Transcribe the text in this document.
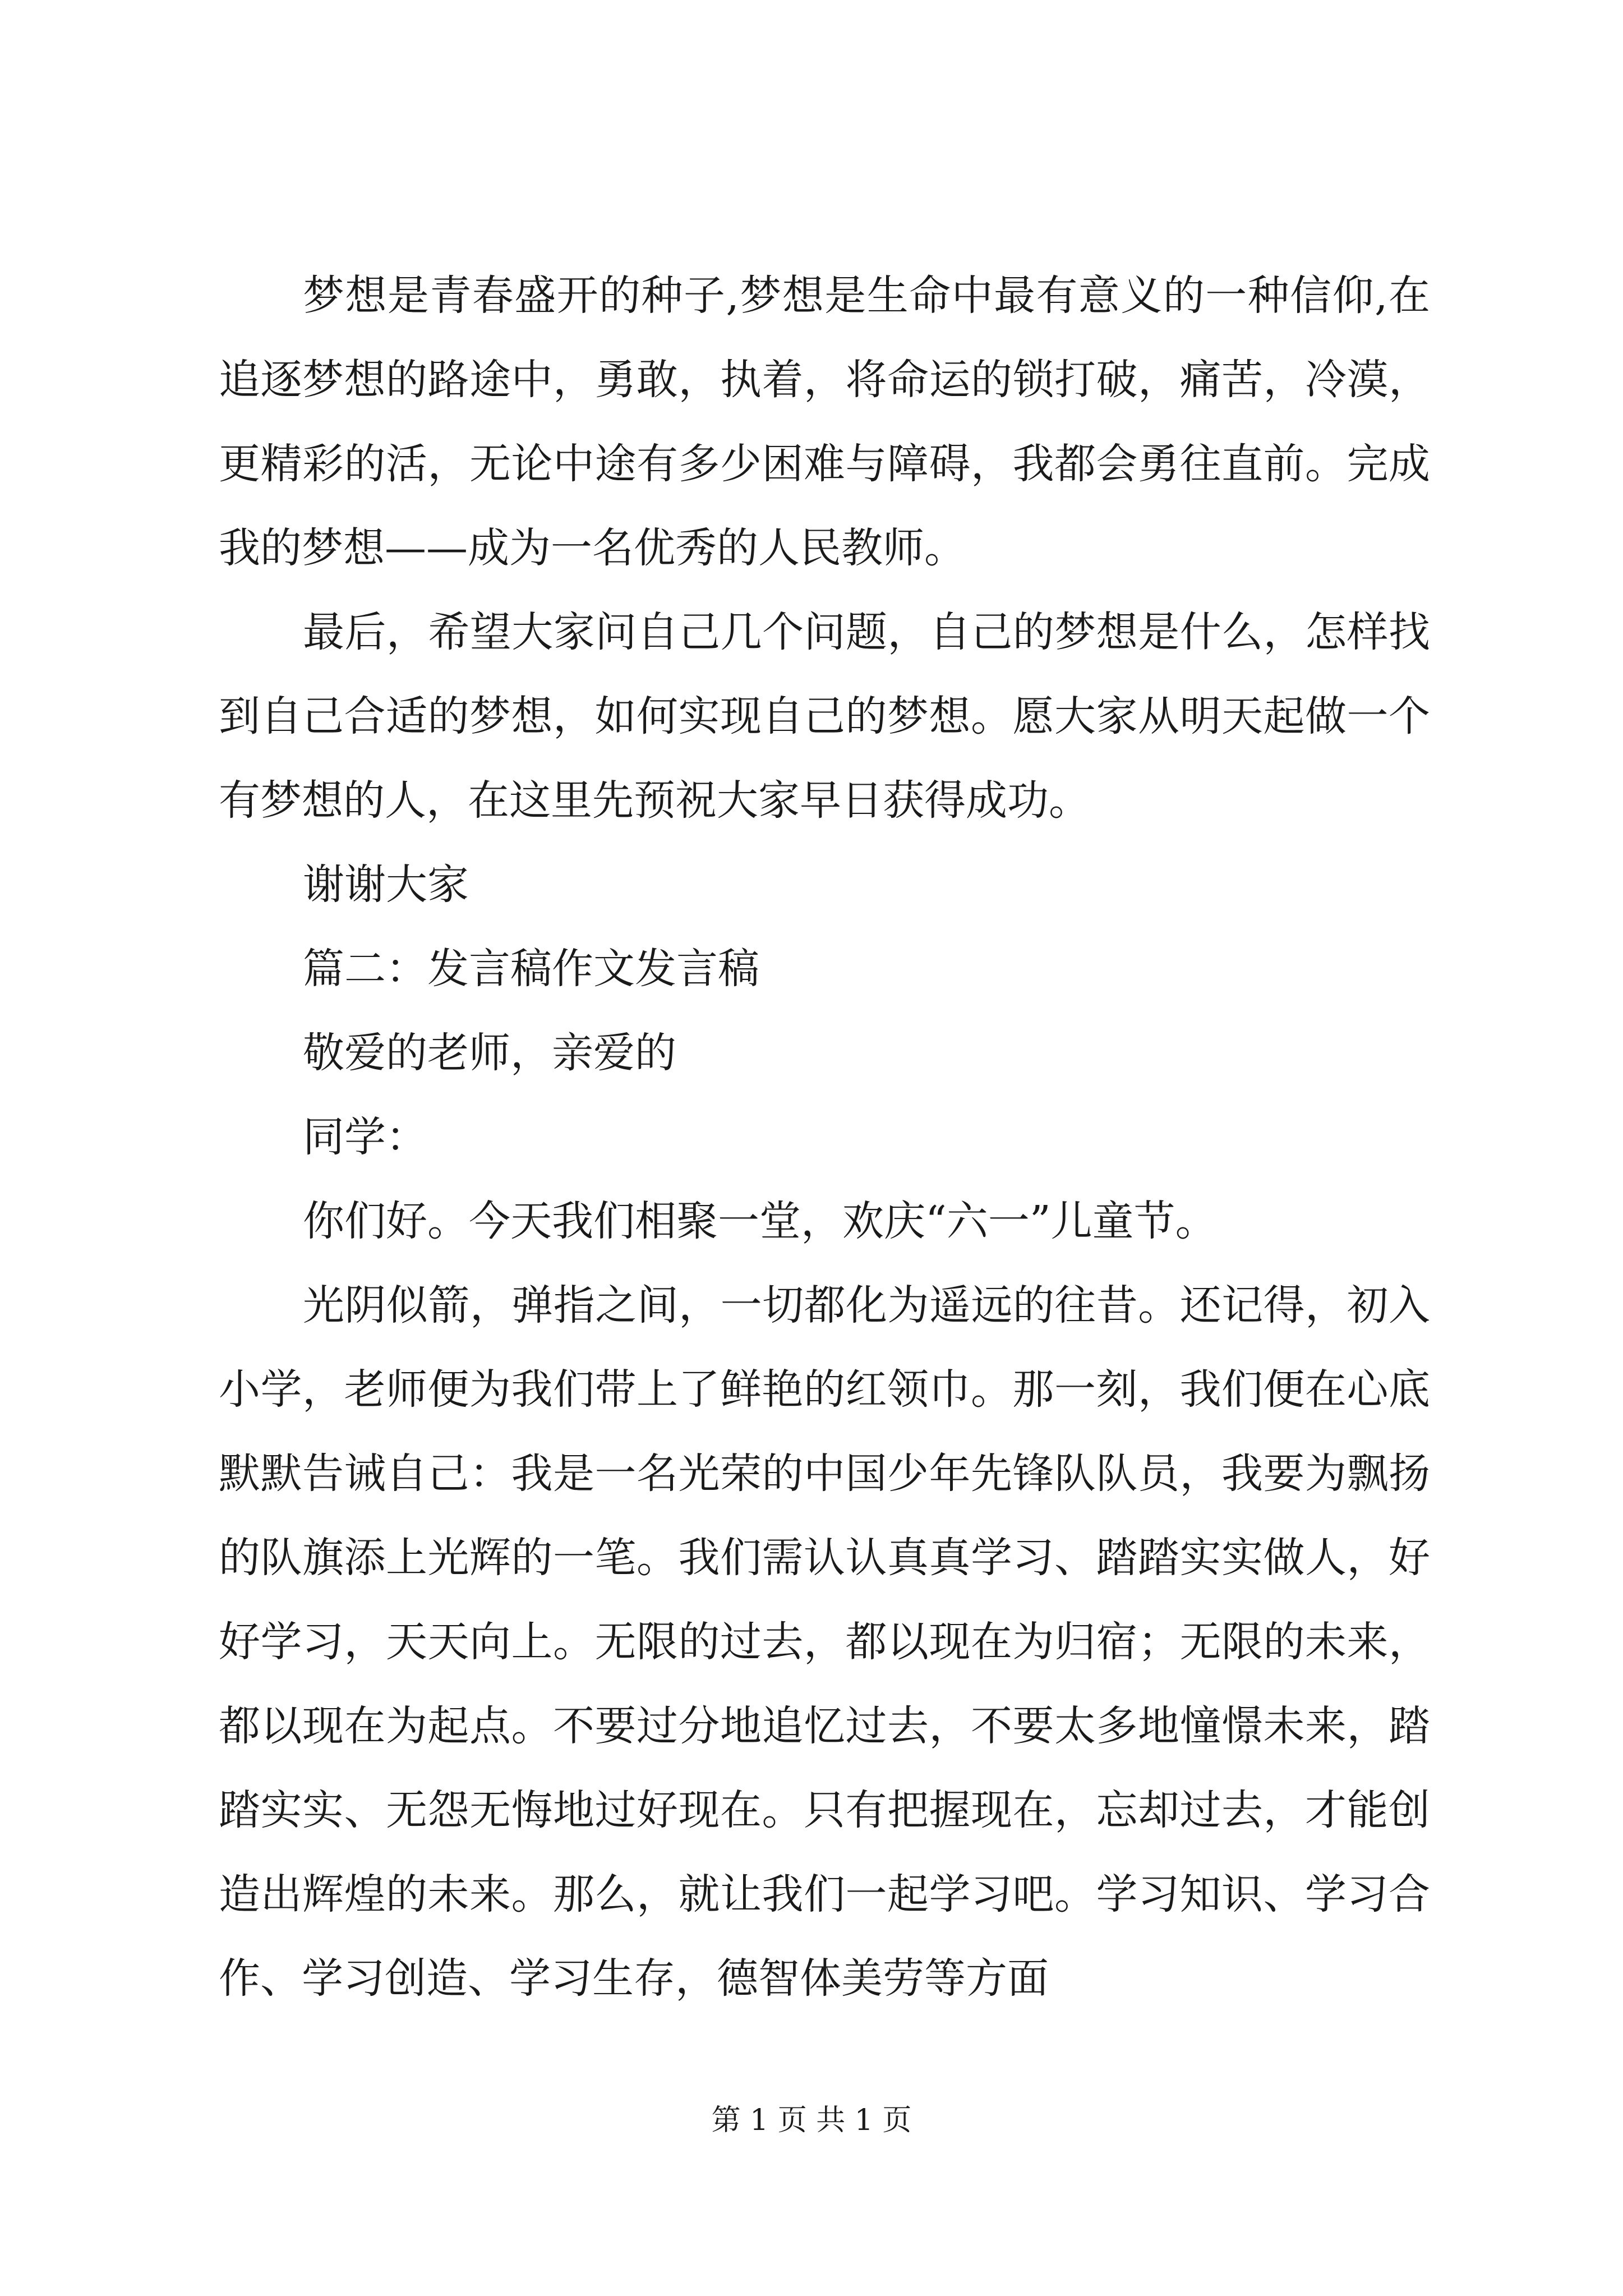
梦想是青春盛开的种子,梦想是生命中最有意义的一种信仰,在追逐梦想的路途中，勇敢，执着，将命运的锁打破，痛苦，冷漠，更精彩的活，无论中途有多少困难与障碍，我都会勇往直前。完成我的梦想——成为一名优秀的人民教师。

最后，希望大家问自己几个问题，自己的梦想是什么，怎样找到自己合适的梦想，如何实现自己的梦想。愿大家从明天起做一个有梦想的人，在这里先预祝大家早日获得成功。

谢谢大家

篇二：发言稿作文发言稿

敬爱的老师，亲爱的

同学：

你们好。今天我们相聚一堂，欢庆“六一”儿童节。

光阴似箭，弹指之间，一切都化为遥远的往昔。还记得，初入小学，老师便为我们带上了鲜艳的红领巾。那一刻，我们便在心底默默告诫自己：我是一名光荣的中国少年先锋队队员，我要为飘扬的队旗添上光辉的一笔。我们需认认真真学习、踏踏实实做人，好好学习，天天向上。无限的过去，都以现在为归宿；无限的未来，都以现在为起点。不要过分地追忆过去，不要太多地憧憬未来，踏踏实实、无怨无悔地过好现在。只有把握现在，忘却过去，才能创造出辉煌的未来。那么，就让我们一起学习吧。学习知识、学习合作、学习创造、学习生存，德智体美劳等方面

第 1 页 共 1 页
